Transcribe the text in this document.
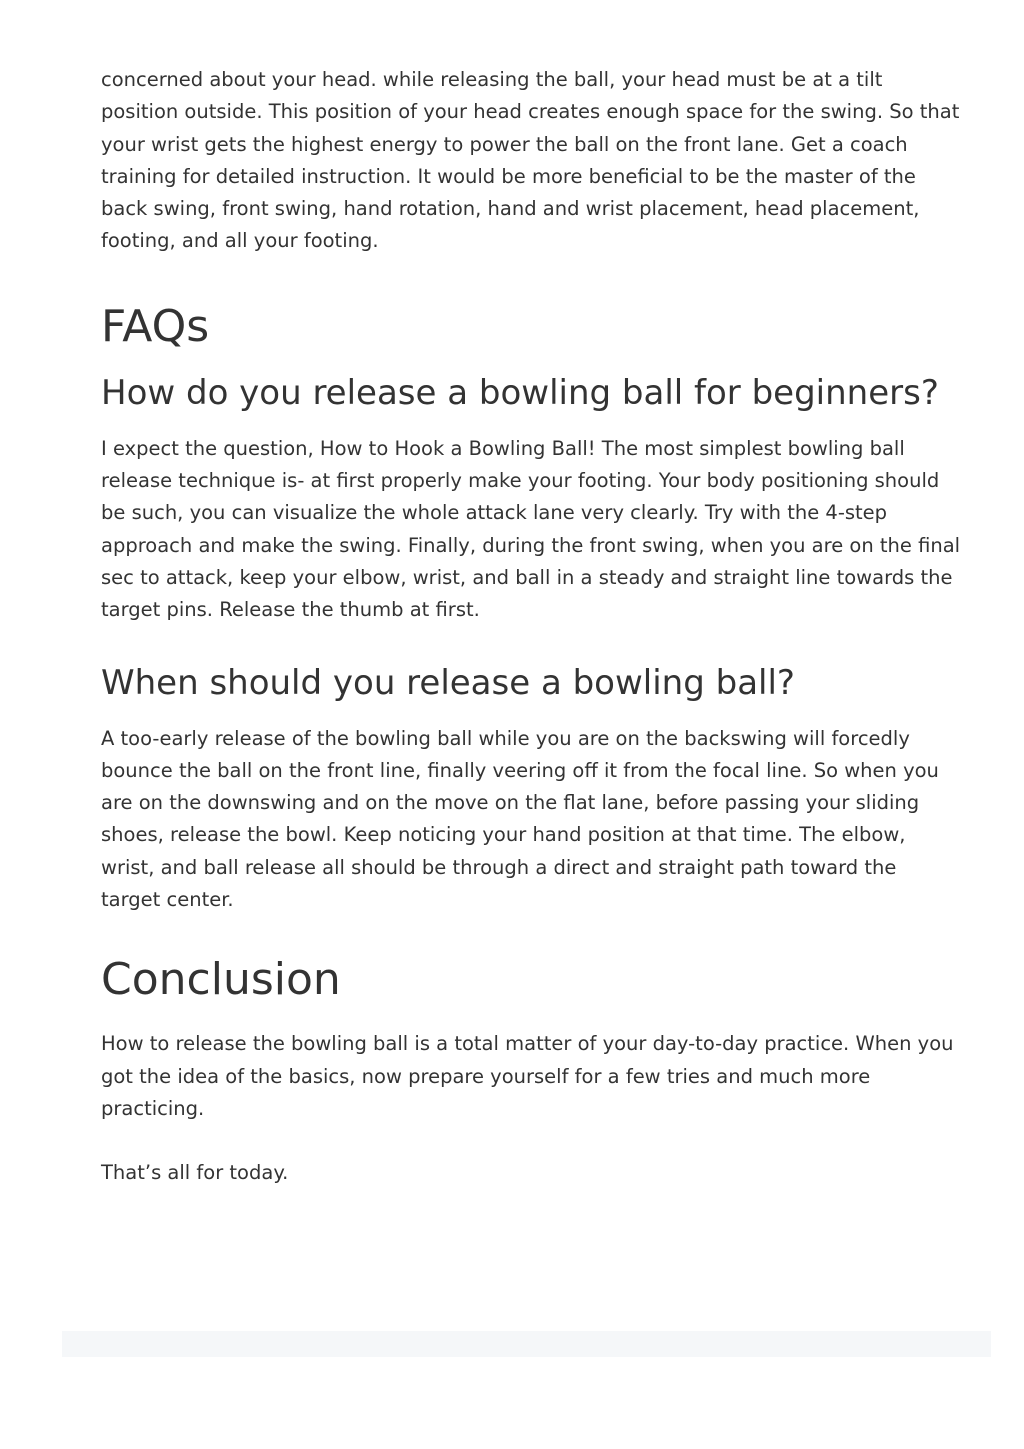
concerned about your head. while releasing the ball, your head must be at a tilt position outside. This position of your head creates enough space for the swing. So that your wrist gets the highest energy to power the ball on the front lane. Get a coach training for detailed instruction. It would be more beneficial to be the master of the back swing, front swing, hand rotation, hand and wrist placement, head placement, footing, and all your footing.

FAQs
How do you release a bowling ball for beginners?

I expect the question, How to Hook a Bowling Ball! The most simplest bowling ball release technique is- at first properly make your footing. Your body positioning should be such, you can visualize the whole attack lane very clearly. Try with the 4-step approach and make the swing. Finally, during the front swing, when you are on the final sec to attack, keep your elbow, wrist, and ball in a steady and straight line towards the target pins. Release the thumb at first.

When should you release a bowling ball?

A too-early release of the bowling ball while you are on the backswing will forcedly bounce the ball on the front line, finally veering off it from the focal line. So when you are on the downswing and on the move on the flat lane, before passing your sliding shoes, release the bowl. Keep noticing your hand position at that time. The elbow, wrist, and ball release all should be through a direct and straight path toward the target center.

Conclusion

How to release the bowling ball is a total matter of your day-to-day practice. When you got the idea of the basics, now prepare yourself for a few tries and much more practicing.

That’s all for today.
